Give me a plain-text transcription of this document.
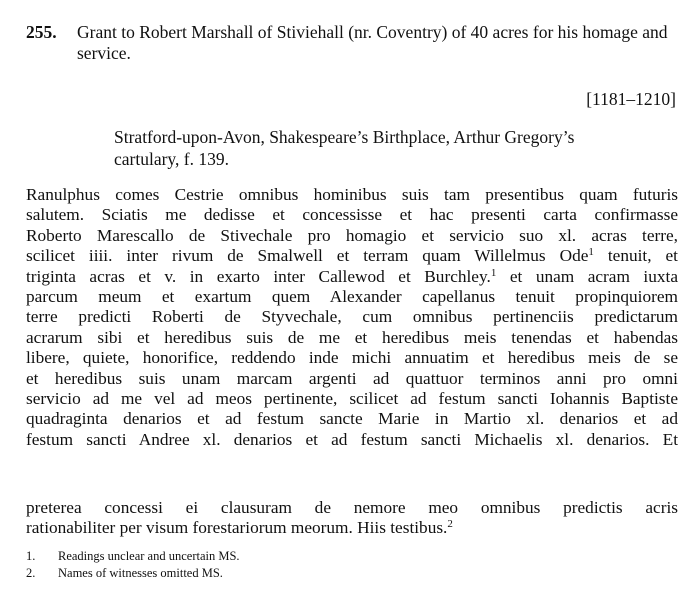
255. Grant to Robert Marshall of Stiviehall (nr. Coventry) of 40 acres for his homage and service.
[1181–1210]
Stratford-upon-Avon, Shakespeare’s Birthplace, Arthur Gregory’s cartulary, f. 139.
Ranulphus comes Cestrie omnibus hominibus suis tam presentibus quam futuris
salutem. Sciatis me dedisse et concessisse et hac presenti carta confirmasse
Roberto Marescallo de Stivechale pro homagio et servicio suo xl. acras terre,
scilicet iiii. inter rivum de Smalwell et terram quam Willelmus Ode$^1$ tenuit, et
triginta acras et v. in exarto inter Callewod et Burchley.$^1$ et unam acram iuxta
parcum meum et exartum quem Alexander capellanus tenuit propinquiorem
terre predicti Roberti de Styvechale, cum omnibus pertinenciis predictarum
acrarum sibi et heredibus suis de me et heredibus meis tenendas et habendas
libere, quiete, honorifice, reddendo inde michi annuatim et heredibus meis de se
et heredibus suis unam marcam argenti ad quattuor terminos anni pro omni
servicio ad me vel ad meos pertinente, scilicet ad festum sancti Iohannis Baptiste
quadraginta denarios et ad festum sancte Marie in Martio xl. denarios et ad
festum sancti Andree xl. denarios et ad festum sancti Michaelis xl. denarios. Et
preterea concessi ei clausuram de nemore meo omnibus predictis acris
rationabiliter per visum forestariorum meorum. Hiis testibus.$^2$
1. Readings unclear and uncertain MS.
2. Names of witnesses omitted MS.
